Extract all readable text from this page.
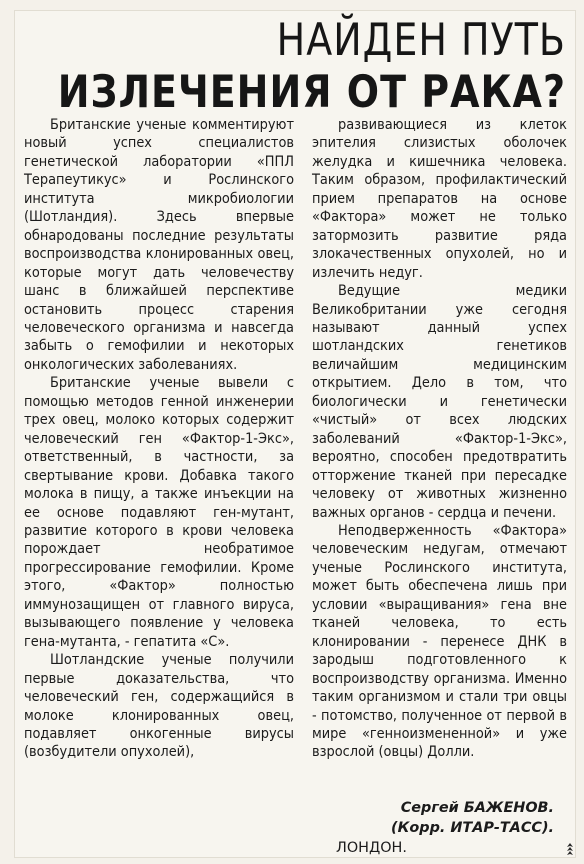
НАЙДЕН ПУТЬ
ИЗЛЕЧЕНИЯ ОТ РАКА?

Британские ученые комментируют новый успех специалистов генетической лаборатории «ППЛ Терапеутикус» и Рослинского института микробиологии (Шотландия). Здесь впервые обнародованы последние результаты воспроизводства клонированных овец, которые могут дать человечеству шанс в ближайшей перспективе остановить процесс старения человеческого организма и навсегда забыть о гемофилии и некоторых онкологических заболеваниях.

Британские ученые вывели с помощью методов генной инженерии трех овец, молоко которых содержит человеческий ген «Фактор-1-Экс», ответственный, в частности, за свертывание крови. Добавка такого молока в пищу, а также инъекции на ее основе подавляют ген-мутант, развитие которого в крови человека порождает необратимое прогрессирование гемофилии. Кроме этого, «Фактор» полностью иммунозащищен от главного вируса, вызывающего появление у человека гена-мутанта, - гепатита «С».

Шотландские ученые получили первые доказательства, что человеческий ген, содержащийся в молоке клонированных овец, подавляет онкогенные вирусы (возбудители опухолей),

развивающиеся из клеток эпителия слизистых оболочек желудка и кишечника человека. Таким образом, профилактический прием препаратов на основе «Фактора» может не только затормозить развитие ряда злокачественных опухолей, но и излечить недуг.

Ведущие медики Великобритании уже сегодня называют данный успех шотландских генетиков величайшим медицинским открытием. Дело в том, что биологически и генетически «чистый» от всех людских заболеваний «Фактор-1-Экс», вероятно, способен предотвратить отторжение тканей при пересадке человеку от животных жизненно важных органов - сердца и печени.

Неподверженность «Фактора» человеческим недугам, отмечают ученые Рослинского института, может быть обеспечена лишь при условии «выращивания» гена вне тканей человека, то есть клонировании - перенесе ДНК в зародыш подготовленного к воспроизводству организма. Именно таким организмом и стали три овцы - потомство, полученное от первой в мире «генноизмененной» и уже взрослой (овцы) Долли.

Сергей БАЖЕНОВ.
(Корр. ИТАР-ТАСС).
ЛОНДОН.
